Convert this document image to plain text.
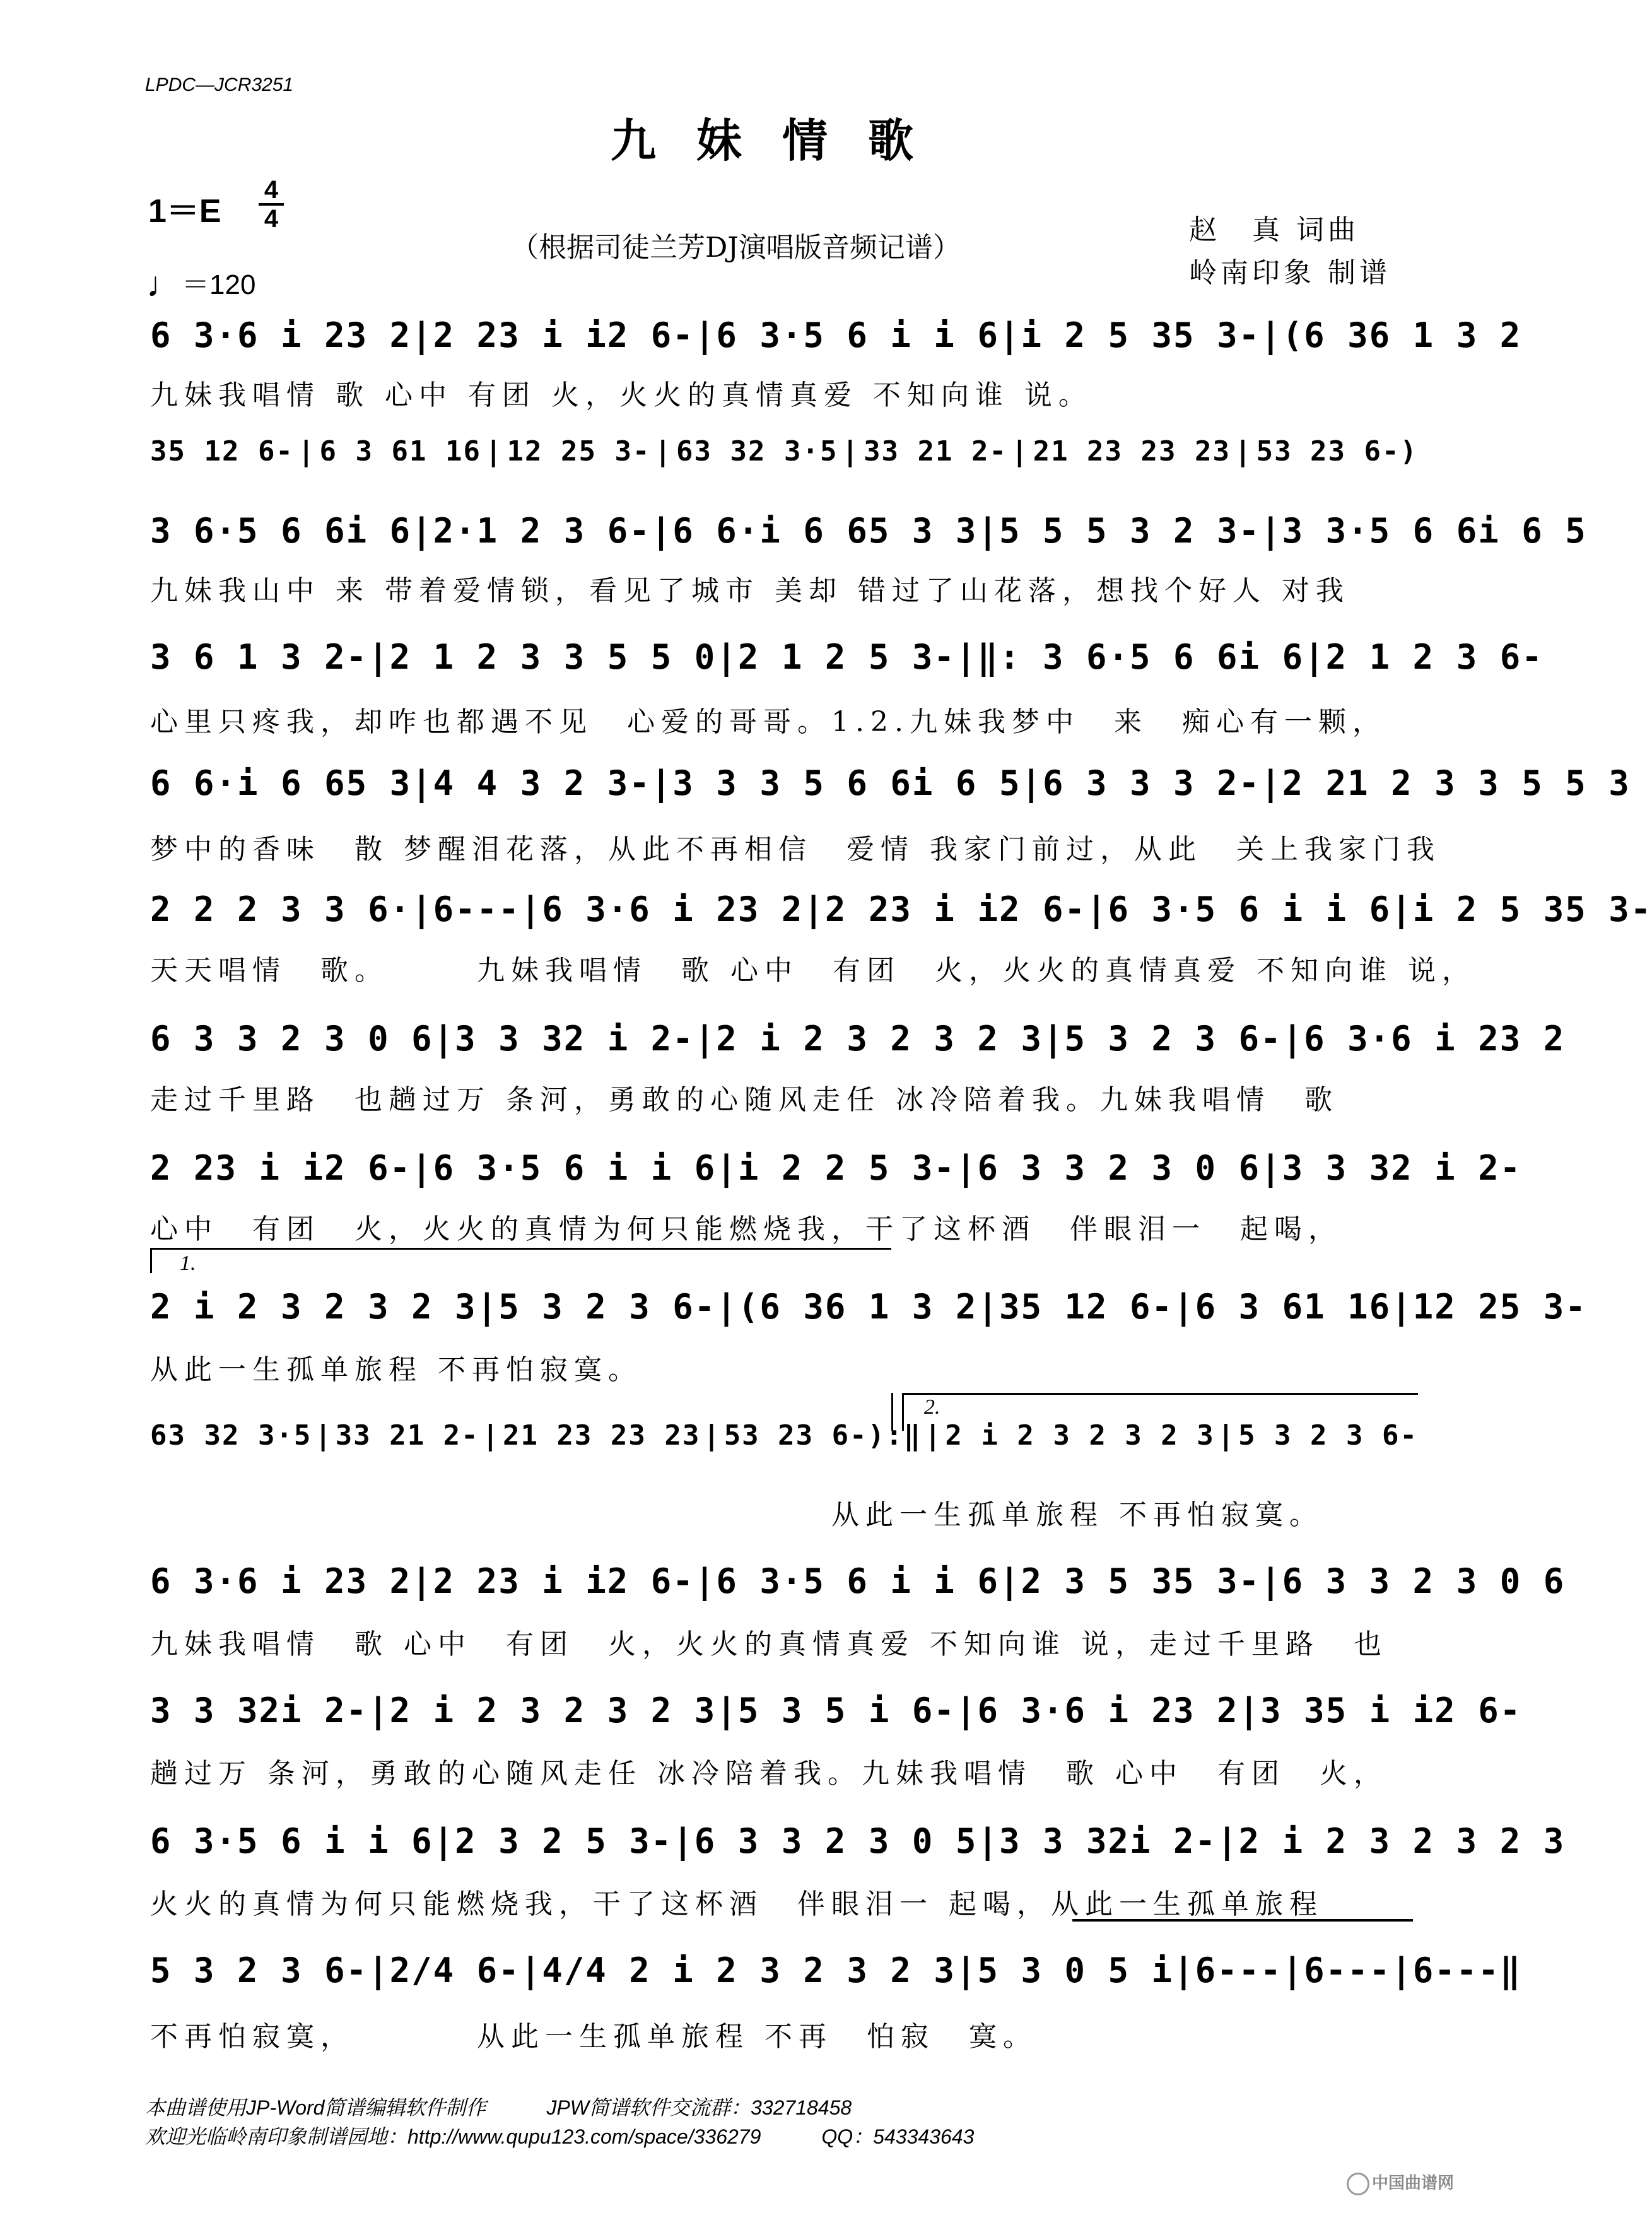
LPDC—JCR3251
九妹情歌
1＝E
4
4
♩＝120
（根据司徒兰芳DJ演唱版音频记谱）
赵　真 词曲
岭南印象 制谱
6 3·6 i 23 2 | 2 23 i i2 6- | 6 3·5 6 i i 6 | i 2 5 35 3- | (6 36 1 3 2
九妹我唱情 歌 心中 有团 火，火火的真情真爱 不知向谁 说。
35 12 6- | 6 3 61 16 | 12 25 3- | 63 32 3·5 | 33 21 2- | 21 23 23 23 | 53 23 6-)
3 6·5 6 6i 6 | 2·1 2 3 6- | 6 6·i 6 65 3 3 | 5 5 5 3 2 3- | 3 3·5 6 6i 6 5
九妹我山中 来 带着爱情锁，看见了城市 美却 错过了山花落，想找个好人 对我
3 6 1 3 2- | 2 1 2 3 3 5 5 0 | 2 1 2 5 3- | ‖: 3 6·5 6 6i 6 | 2 1 2 3 6-
心里只疼我，却咋也都遇不见　心爱的哥哥。1.2.九妹我梦中　来　痴心有一颗，
6 6·i 6 65 3 | 4 4 3 2 3- | 3 3 3 5 6 6i 6 5 | 6 3 3 3 2- | 2 21 2 3 3 5 5 3
梦中的香味　散 梦醒泪花落，从此不再相信　爱情 我家门前过，从此　关上我家门我
2 2 2 3 3 6· | 6--- | 6 3·6 i 23 2 | 2 23 i i2 6- | 6 3·5 6 i i 6 | i 2 5 35 3-
天天唱情　歌。　　　九妹我唱情　歌 心中　有团　火，火火的真情真爱 不知向谁 说，
6 3 3 2 3 0 6 | 3 3 32 i 2- | 2 i 2 3 2 3 2 3 | 5 3 2 3 6- | 6 3·6 i 23 2
走过千里路　也趟过万 条河，勇敢的心随风走任 冰冷陪着我。九妹我唱情　歌
2 23 i i2 6- | 6 3·5 6 i i 6 | i 2 2 5 3- | 6 3 3 2 3 0 6 | 3 3 32 i 2-
心中　有团　火，火火的真情为何只能燃烧我，干了这杯酒　伴眼泪一　起喝，
2 i 2 3 2 3 2 3 | 5 3 2 3 6- | (6 36 1 3 2 | 35 12 6- | 6 3 61 16 | 12 25 3-
从此一生孤单旅程 不再怕寂寞。
63 32 3·5 | 33 21 2- | 21 23 23 23 | 53 23 6-):‖ | 2 i 2 3 2 3 2 3 | 5 3 2 3 6-
　　　　　　　　　　　　　　　　　　　　从此一生孤单旅程 不再怕寂寞。
6 3·6 i 23 2 | 2 23 i i2 6- | 6 3·5 6 i i 6 | 2 3 5 35 3- | 6 3 3 2 3 0 6
九妹我唱情　歌 心中　有团　火，火火的真情真爱 不知向谁 说，走过千里路　也
3 3 32i 2- | 2 i 2 3 2 3 2 3 | 5 3 5 i 6- | 6 3·6 i 23 2 | 3 35 i i2 6-
趟过万 条河，勇敢的心随风走任 冰冷陪着我。九妹我唱情　歌 心中　有团　火，
6 3·5 6 i i 6 | 2 3 2 5 3- | 6 3 3 2 3 0 5 | 3 3 32i 2- | 2 i 2 3 2 3 2 3
火火的真情为何只能燃烧我，干了这杯酒　伴眼泪一 起喝，从此一生孤单旅程
5 3 2 3 6- | 2/4 6- | 4/4 2 i 2 3 2 3 2 3 | 5 3 0 5 i | 6--- | 6--- | 6---‖
不再怕寂寞，　　　　从此一生孤单旅程 不再　怕寂　寞。
1.
2.
本曲谱使用JP-Word简谱编辑软件制作　　　JPW简谱软件交流群：332718458
欢迎光临岭南印象制谱园地：http://www.qupu123.com/space/336279　　　QQ：543343643
中国曲谱网
